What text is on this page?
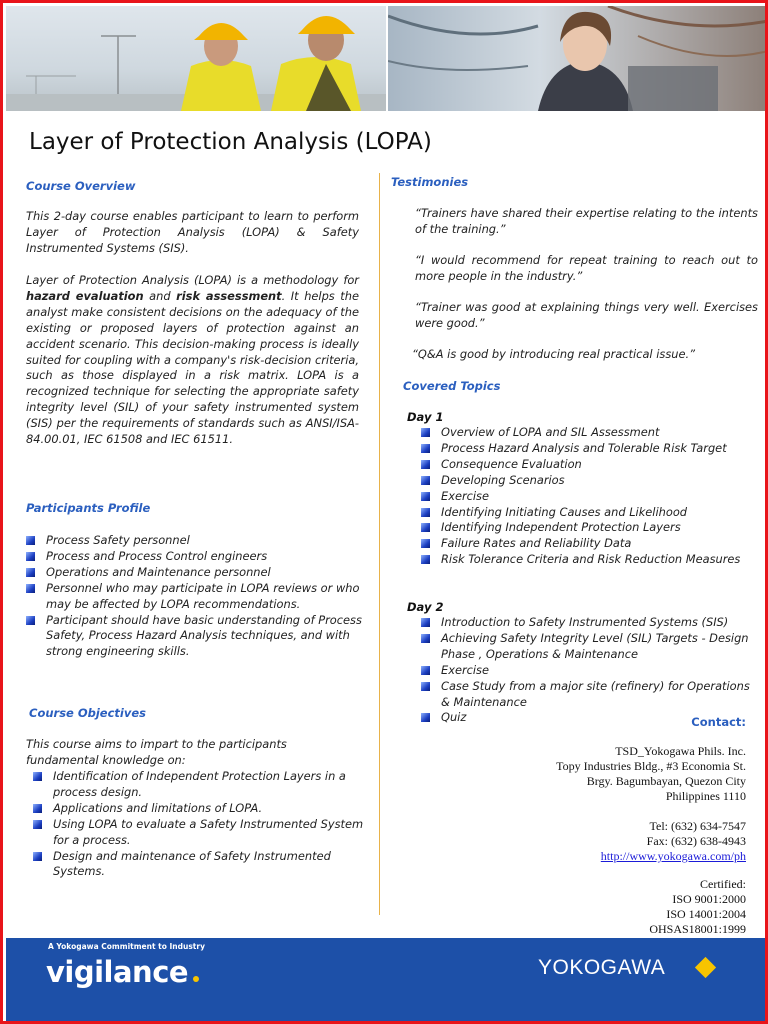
Layer of Protection Analysis (LOPA)
Course Overview

This 2-day course enables participant to learn to perform Layer of Protection Analysis (LOPA) & Safety Instrumented Systems (SIS).

Layer of Protection Analysis (LOPA) is a methodology for hazard evaluation and risk assessment. It helps the analyst make consistent decisions on the adequacy of the existing or proposed layers of protection against an accident scenario. This decision-making process is ideally suited for coupling with a company's risk-decision criteria, such as those displayed in a risk matrix. LOPA is a recognized technique for selecting the appropriate safety integrity level (SIL) of your safety instrumented system (SIS) per the requirements of standards such as ANSI/ISA-84.00.01, IEC 61508 and IEC 61511.

Participants Profile
Process Safety personnel
Process and Process Control engineers
Operations and Maintenance personnel
Personnel who may participate in LOPA reviews or who may be affected by LOPA recommendations.
Participant should have basic understanding of Process Safety, Process Hazard Analysis techniques, and with strong engineering skills.
Course Objectives

This course aims to impart to the participants fundamental knowledge on:

Identification of Independent Protection Layers in a process design.
Applications and limitations of LOPA.
Using LOPA to evaluate a Safety Instrumented System for a process.
Design and maintenance of Safety Instrumented Systems.
Testimonies

“Trainers have shared their expertise relating to the intents of the training.”

“I would recommend for repeat training to reach out to more people in the industry.”

“Trainer was good at explaining things very well. Exercises were good.”

“Q&A is good by introducing real practical issue.”

Covered Topics
Day 1
Overview of LOPA and SIL Assessment
Process Hazard Analysis and Tolerable Risk Target
Consequence Evaluation
Developing Scenarios
Exercise
Identifying Initiating Causes and Likelihood
Identifying Independent Protection Layers
Failure Rates and Reliability Data
Risk Tolerance Criteria and Risk Reduction Measures
Day 2
Introduction to Safety Instrumented Systems (SIS)
Achieving Safety Integrity Level (SIL) Targets - Design Phase , Operations & Maintenance
Exercise
Case Study from a major site (refinery) for Operations & Maintenance
Quiz	Contact:
TSD_Yokogawa Phils. Inc.
Topy Industries Bldg., #3 Economia St.
Brgy. Bagumbayan, Quezon City
Philippines 1110
Tel: (632) 634-7547
Fax: (632) 638-4943
http://www.yokogawa.com/ph
Certified:
ISO 9001:2000
ISO 14001:2004
OHSAS18001:1999
A Yokogawa Commitment to Industry
vigilance	YOKOGAWA
